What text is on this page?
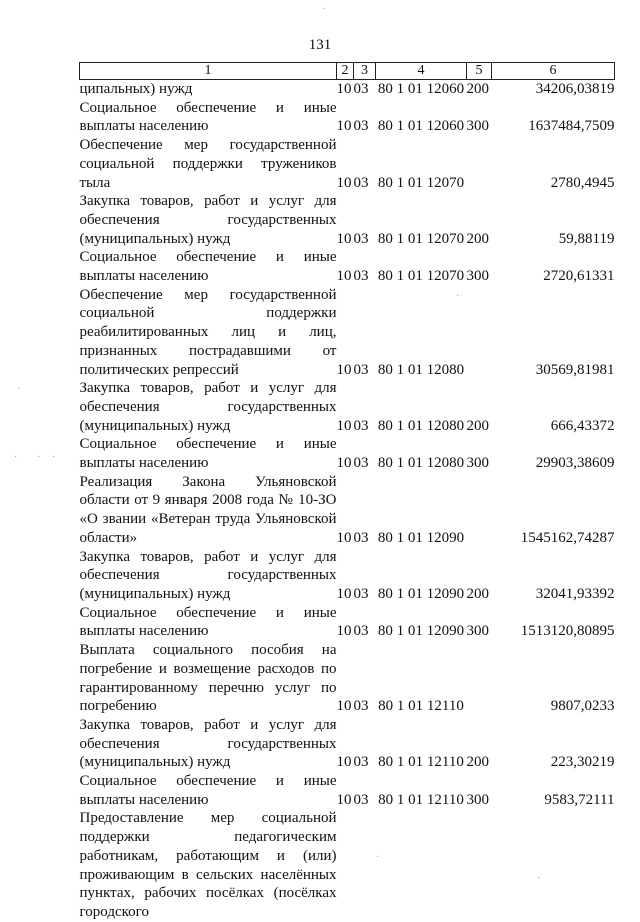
131
1	2	3	4	5	6
ципальных) нужд	10	03	80 1 01 12060	200	34206,03819
Социальное обеспечение и иные выплаты населению	10	03	80 1 01 12060	300	1637484,7509
Обеспечение мер государственной социальной поддержки тружеников тыла	10	03	80 1 01 12070		2780,4945
Закупка товаров, работ и услуг для обеспечения государственных (муниципальных) нужд	10	03	80 1 01 12070	200	59,88119
Социальное обеспечение и иные выплаты населению	10	03	80 1 01 12070	300	2720,61331
Обеспечение мер государственной социальной поддержки реабилитированных лиц и лиц, признанных пострадавшими от политических репрессий	10	03	80 1 01 12080		30569,81981
Закупка товаров, работ и услуг для обеспечения государственных (муниципальных) нужд	10	03	80 1 01 12080	200	666,43372
Социальное обеспечение и иные выплаты населению	10	03	80 1 01 12080	300	29903,38609
Реализация Закона Ульяновской области от 9 января 2008 года № 10-ЗО «О звании «Ветеран труда Ульяновской области»	10	03	80 1 01 12090		1545162,74287
Закупка товаров, работ и услуг для обеспечения государственных (муниципальных) нужд	10	03	80 1 01 12090	200	32041,93392
Социальное обеспечение и иные выплаты населению	10	03	80 1 01 12090	300	1513120,80895
Выплата социального пособия на погребение и возмещение расходов по гарантированному перечню услуг по погребению	10	03	80 1 01 12110		9807,0233
Закупка товаров, работ и услуг для обеспечения государственных (муниципальных) нужд	10	03	80 1 01 12110	200	223,30219
Социальное обеспечение и иные выплаты населению	10	03	80 1 01 12110	300	9583,72111
Предоставление мер социальной поддержки педагогическим работникам, работающим и (или) проживающим в сельских населённых пунктах, рабочих посёлках (посёлках городского					
·
· · ·
·
·
·
·
